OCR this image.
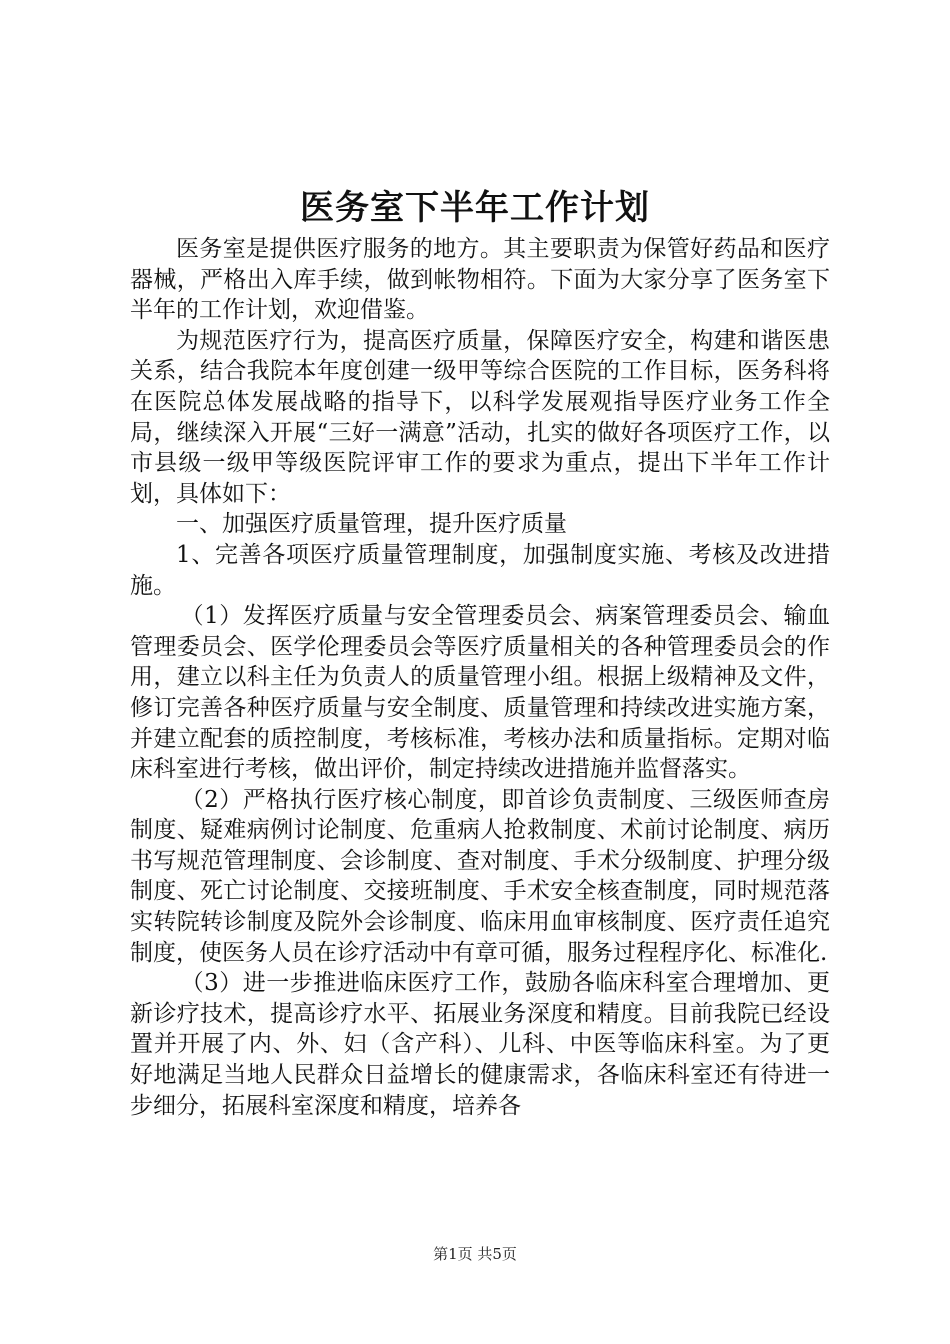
医务室下半年工作计划

医务室是提供医疗服务的地方。其主要职责为保管好药品和医疗器械，严格出入库手续，做到帐物相符。下面为大家分享了医务室下半年的工作计划，欢迎借鉴。

为规范医疗行为，提高医疗质量，保障医疗安全，构建和谐医患关系，结合我院本年度创建一级甲等综合医院的工作目标，医务科将在医院总体发展战略的指导下，以科学发展观指导医疗业务工作全局，继续深入开展“三好一满意”活动，扎实的做好各项医疗工作，以市县级一级甲等级医院评审工作的要求为重点，提出下半年工作计划，具体如下：

一、加强医疗质量管理，提升医疗质量

1、完善各项医疗质量管理制度，加强制度实施、考核及改进措施。

（1）发挥医疗质量与安全管理委员会、病案管理委员会、输血管理委员会、医学伦理委员会等医疗质量相关的各种管理委员会的作用，建立以科主任为负责人的质量管理小组。根据上级精神及文件，修订完善各种医疗质量与安全制度、质量管理和持续改进实施方案，并建立配套的质控制度，考核标准，考核办法和质量指标。定期对临床科室进行考核，做出评价，制定持续改进措施并监督落实。

（2）严格执行医疗核心制度，即首诊负责制度、三级医师查房制度、疑难病例讨论制度、危重病人抢救制度、术前讨论制度、病历书写规范管理制度、会诊制度、查对制度、手术分级制度、护理分级制度、死亡讨论制度、交接班制度、手术安全核查制度，同时规范落实转院转诊制度及院外会诊制度、临床用血审核制度、医疗责任追究制度，使医务人员在诊疗活动中有章可循，服务过程程序化、标准化.

（3）进一步推进临床医疗工作，鼓励各临床科室合理增加、更新诊疗技术，提高诊疗水平、拓展业务深度和精度。目前我院已经设置并开展了内、外、妇（含产科）、儿科、中医等临床科室。为了更好地满足当地人民群众日益增长的健康需求，各临床科室还有待进一步细分，拓展科室深度和精度，培养各

第1页 共5页
